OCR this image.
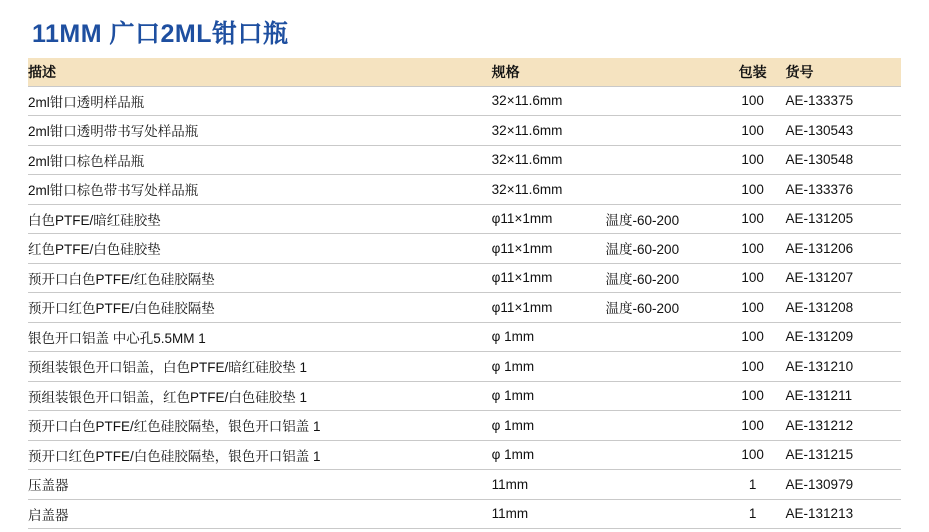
11MM 广口2ML钳口瓶
描述	规格		包装	货号
2ml钳口透明样品瓶	32×11.6mm		100	AE-133375
2ml钳口透明带书写处样品瓶	32×11.6mm		100	AE-130543
2ml钳口棕色样品瓶	32×11.6mm		100	AE-130548
2ml钳口棕色带书写处样品瓶	32×11.6mm		100	AE-133376
白色PTFE/暗红硅胶垫	φ11×1mm	温度-60-200	100	AE-131205
红色PTFE/白色硅胶垫	φ11×1mm	温度-60-200	100	AE-131206
预开口白色PTFE/红色硅胶隔垫	φ11×1mm	温度-60-200	100	AE-131207
预开口红色PTFE/白色硅胶隔垫	φ11×1mm	温度-60-200	100	AE-131208
银色开口铝盖 中心孔5.5MM 1	φ 1mm		100	AE-131209
预组装银色开口铝盖，白色PTFE/暗红硅胶垫 1	φ 1mm		100	AE-131210
预组装银色开口铝盖，红色PTFE/白色硅胶垫 1	φ 1mm		100	AE-131211
预开口白色PTFE/红色硅胶隔垫，银色开口铝盖 1	φ 1mm		100	AE-131212
预开口红色PTFE/白色硅胶隔垫，银色开口铝盖 1	φ 1mm		100	AE-131215
压盖器	11mm		1	AE-130979
启盖器	11mm		1	AE-131213
